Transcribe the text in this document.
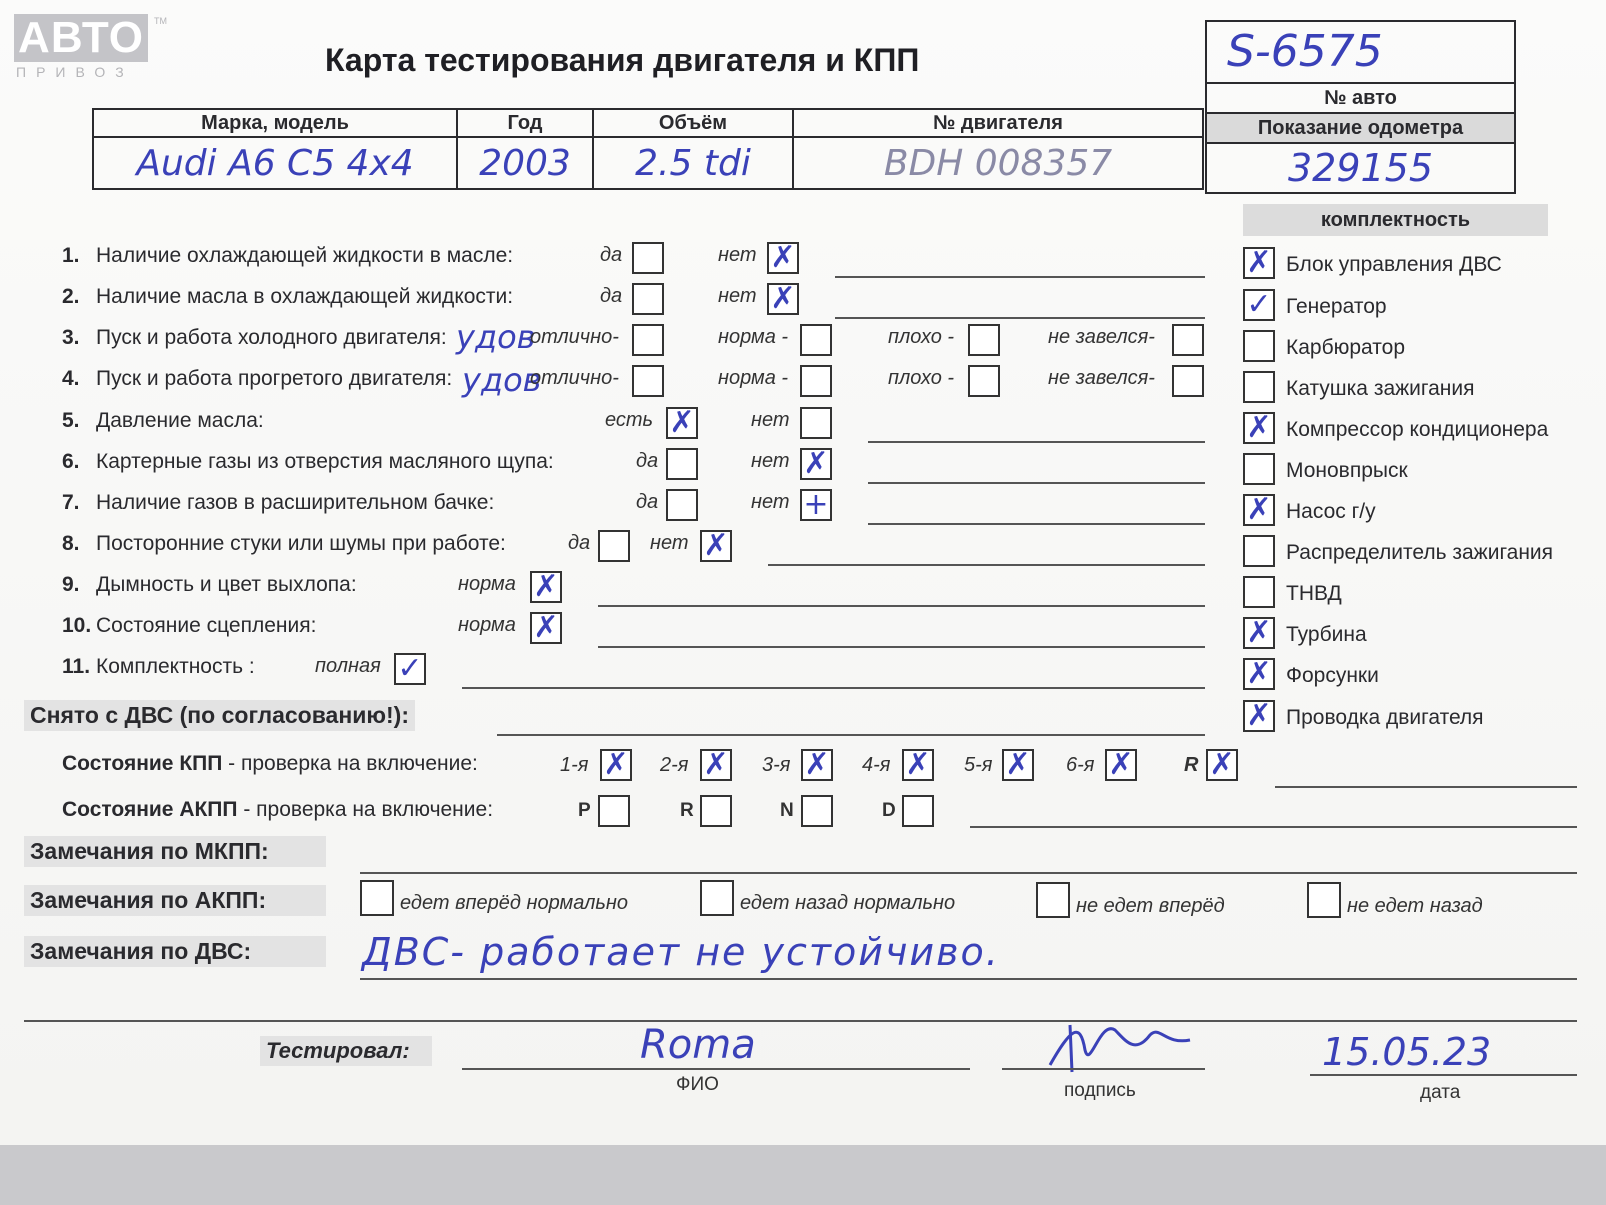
АВТО
ПРИВОЗ
TM
Карта тестирования двигателя и КПП	S-6575
№ авто
Показание одометра
329155
Марка, модель	Год	Объём	№ двигателя
Audi A6 C5 4x4	2003	2.5 tdi	BDH 008357
1. Наличие охлаждающей жидкости в масле:	да	нет ✗
2. Наличие масла в охлаждающей жидкости:	да	нет ✗
3. Пуск и работа холодного двигателя: удов
отлично-	норма -	плохо -	не завелся-
4. Пуск и работа прогретого двигателя: удов
отлично-	норма -	плохо -	не завелся-
5. Давление масла:	есть ✗	нет
6. Картерные газы из отверстия масляного щупа:	да	нет ✗
7. Наличие газов в расширительном бачке:	да	нет +
8. Посторонние стуки или шумы при работе:	да	нет ✗
9. Дымность и цвет выхлопа:	норма ✗
10. Состояние сцепления:	норма ✗
11. Комплектность :	полная ✓
комплектность
✗ Блок управления ДВС
✓ Генератор
Карбюратор
Катушка зажигания
✗ Компрессор кондиционера
Моновпрыск
✗ Насос г/у
Распределитель зажигания
ТНВД
✗ Турбина
✗ Форсунки
✗ Проводка двигателя
Снято с ДВС (по согласованию!):
Состояние КПП - проверка на включение:	1-я ✗ 2-я ✗ 3-я ✗ 4-я ✗ 5-я ✗ 6-я ✗	R ✗
Состояние АКПП - проверка на включение:	P	R	N	D
Замечания по МКПП:
Замечания по АКПП:	едет вперёд нормально	едет назад нормально	не едет вперёд	не едет назад
Замечания по ДВС:	ДВС- работает не устойчиво.
Тестировал:	Roma
ФИО	подпись
15.05.23
дата
